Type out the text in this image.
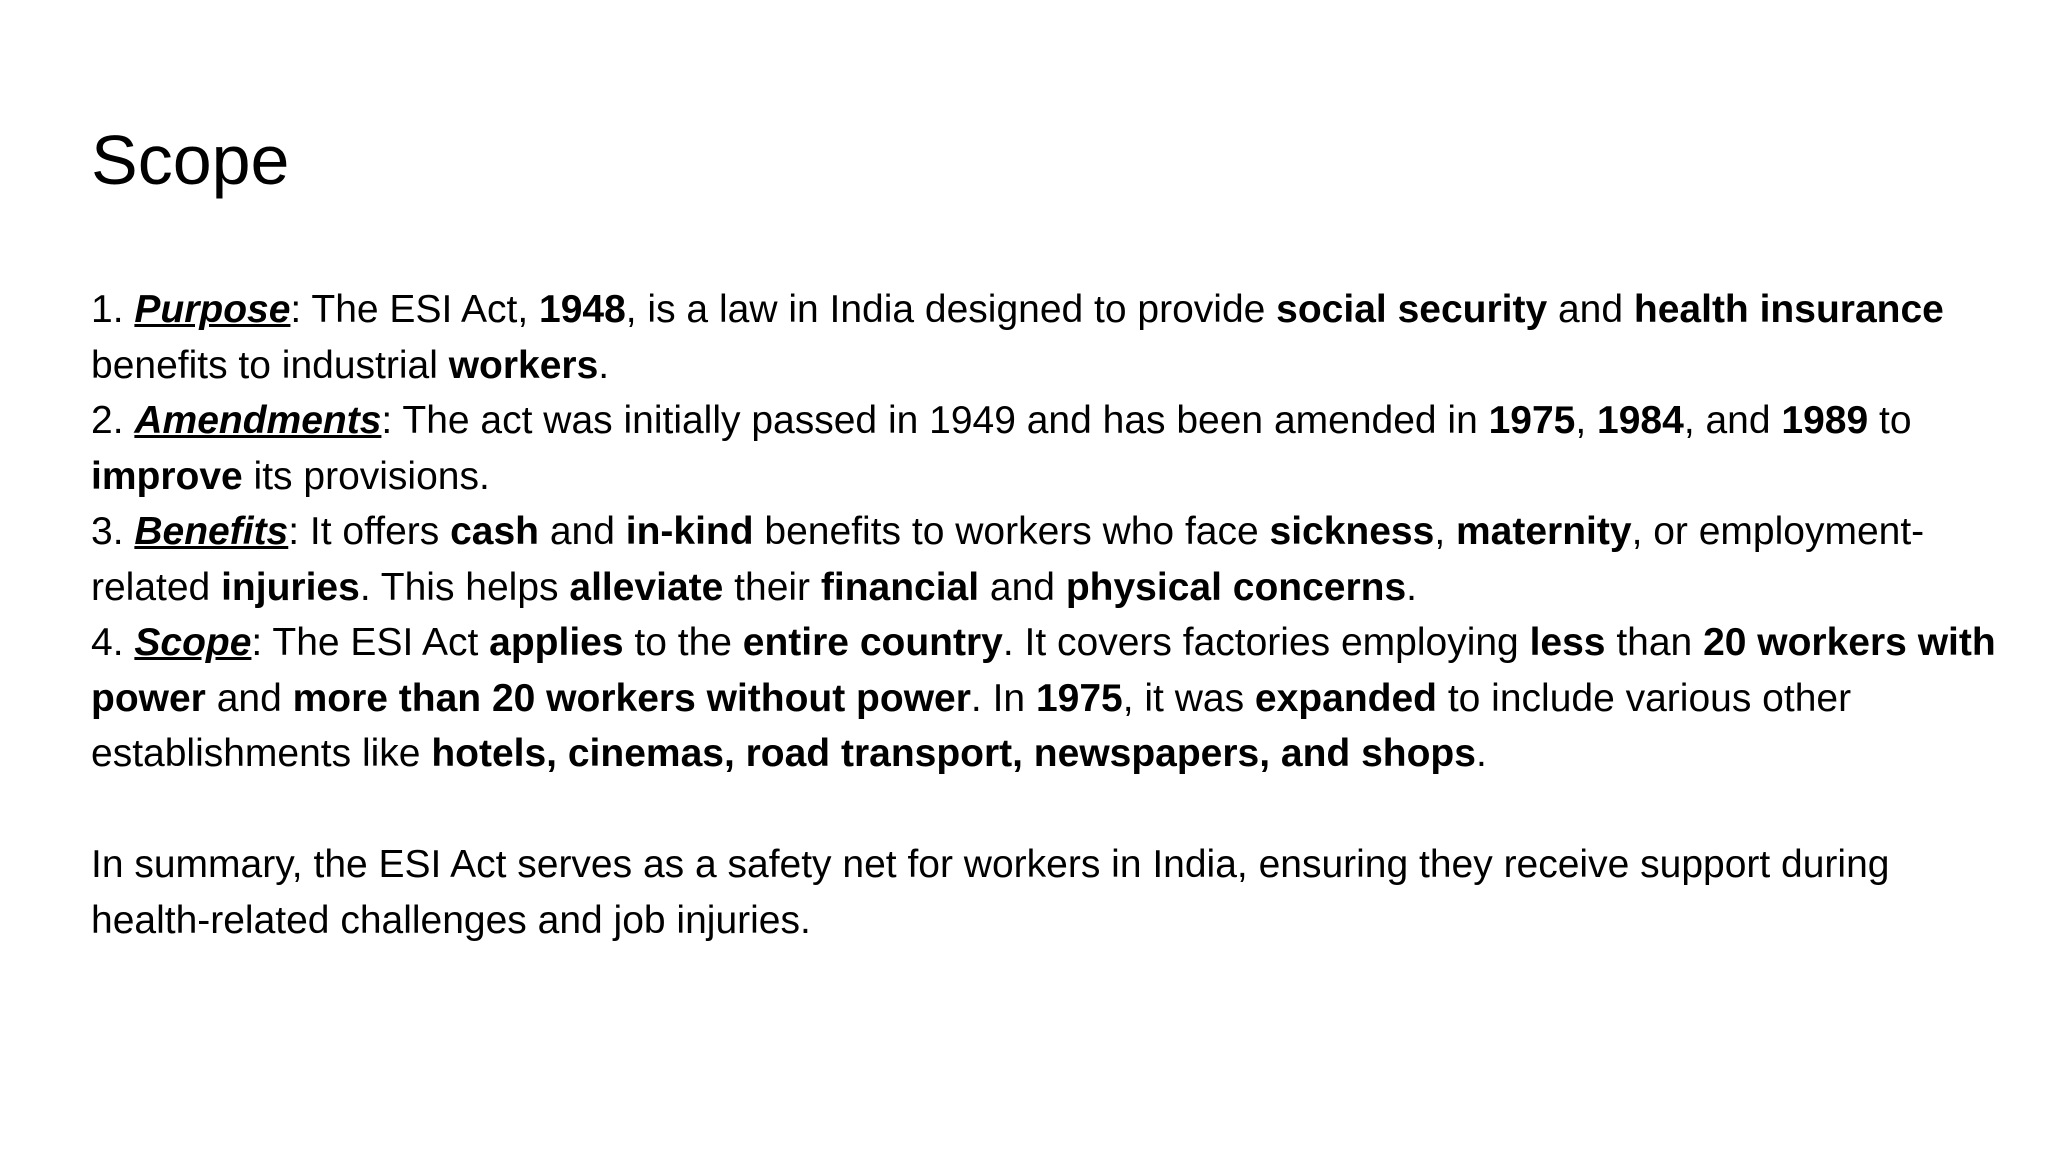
Scope

1. Purpose: The ESI Act, 1948, is a law in India designed to provide social security and health insurance benefits to industrial workers.

2. Amendments: The act was initially passed in 1949 and has been amended in 1975, 1984, and 1989 to improve its provisions.

3. Benefits: It offers cash and in-kind benefits to workers who face sickness, maternity, or employment-related injuries. This helps alleviate their financial and physical concerns.

4. Scope: The ESI Act applies to the entire country. It covers factories employing less than 20 workers with power and more than 20 workers without power. In 1975, it was expanded to include various other establishments like hotels, cinemas, road transport, newspapers, and shops.

In summary, the ESI Act serves as a safety net for workers in India, ensuring they receive support during health-related challenges and job injuries.
